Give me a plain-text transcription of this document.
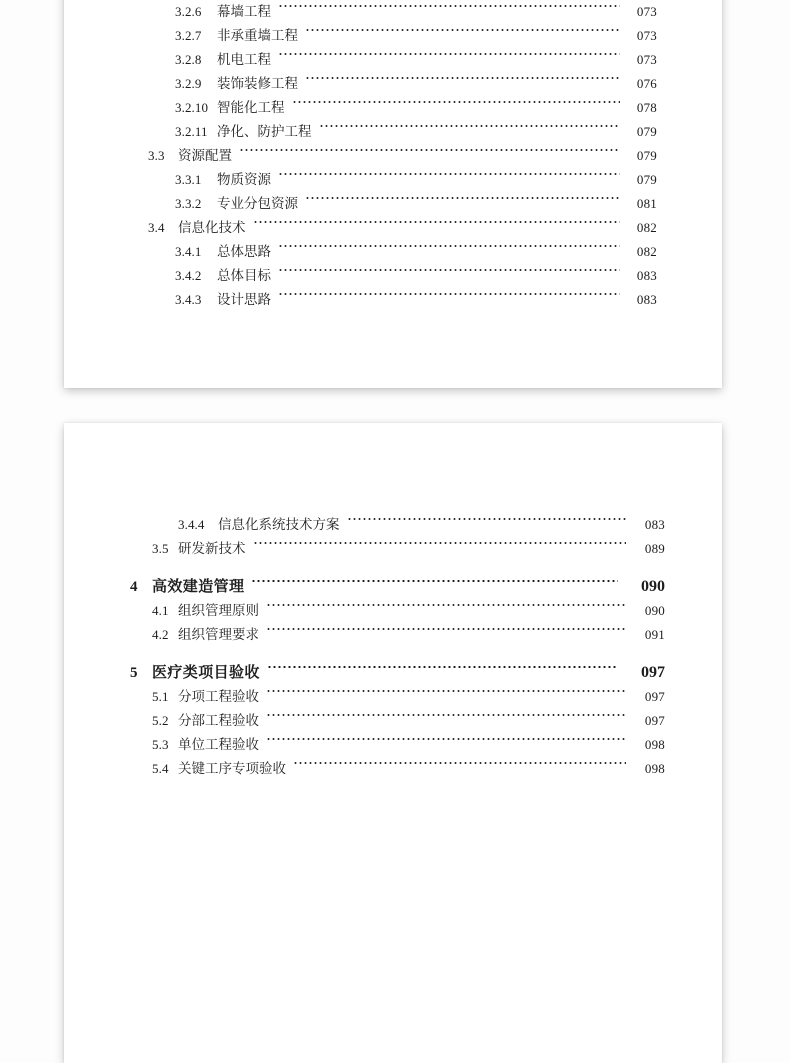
3.2.6	幕墙工程	073
3.2.7	非承重墙工程	073
3.2.8	机电工程	073
3.2.9	装饰装修工程	076
3.2.10 智能化工程	078
3.2.11 净化、防护工程	079
3.3 资源配置	079
3.3.1	物质资源	079
3.3.2	专业分包资源	081
3.4 信息化技术	082
3.4.1	总体思路	082
3.4.2	总体目标	083
3.4.3	设计思路	083
3.4.4	信息化系统技术方案	083
3.5 研发新技术	089
4 高效建造管理	090
4.1 组织管理原则	090
4.2 组织管理要求	091
5 医疗类项目验收	097
5.1 分项工程验收	097
5.2 分部工程验收	097
5.3 单位工程验收	098
5.4 关键工序专项验收	098
